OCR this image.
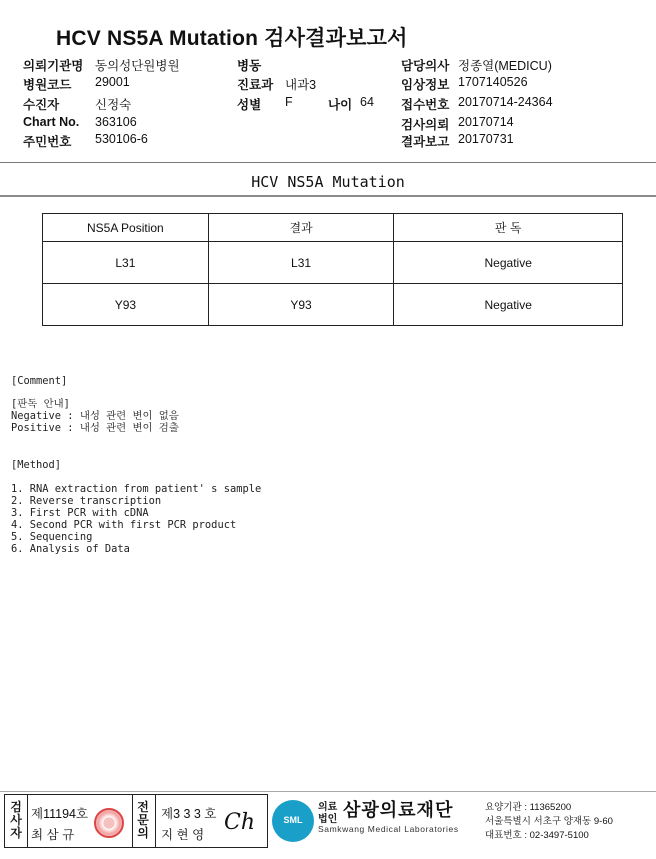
HCV NS5A Mutation 검사결과보고서
의뢰기관명 동의성단원병원
병원코드 29001
수진자	신정숙
Chart No. 363106
주민번호 530106-6
병동
진료과 내과3
성별 F	나이 64
담당의사 정종열(MEDICU)
임상정보 1707140526
접수번호 20170714-24364
검사의뢰 20170714
결과보고 20170731
HCV NS5A Mutation
NS5A Position	결과	판 독
L31	L31	Negative
Y93	Y93	Negative
[Comment]
[판독 안내]
Negative : 내성 관련 변이 없음
Positive : 내성 관련 변이 검출
[Method]
1. RNA extraction from patient' s sample
2. Reverse transcription
3. First PCR with cDNA
4. Second PCR with first PCR product
5. Sequencing
6. Analysis of Data
검
사
자
전
문
의
제11194호
최 삼 규
제3 3 3 호
지 현 영 Ch	SML
의료
법인 삼광의료재단
Samkwang Medical Laboratories
요양기관 : 11365200
서울특별시 서초구 양재동 9-60
대표번호 : 02-3497-5100
